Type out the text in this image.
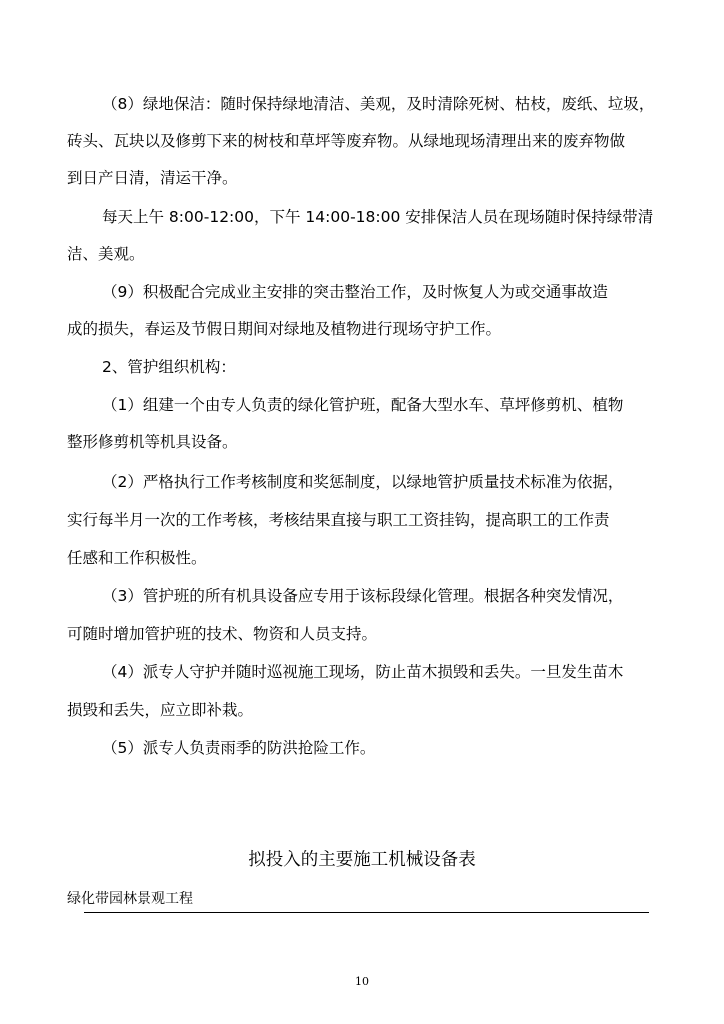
（8）绿地保洁：随时保持绿地清洁、美观，及时清除死树、枯枝，废纸、垃圾，
砖头、瓦块以及修剪下来的树枝和草坪等废弃物。从绿地现场清理出来的废弃物做
到日产日清，清运干净。
每天上午 8:00-12:00，下午 14:00-18:00 安排保洁人员在现场随时保持绿带清
洁、美观。
（9）积极配合完成业主安排的突击整治工作，及时恢复人为或交通事故造
成的损失，春运及节假日期间对绿地及植物进行现场守护工作。
2、管护组织机构：
（1）组建一个由专人负责的绿化管护班，配备大型水车、草坪修剪机、植物
整形修剪机等机具设备。
（2）严格执行工作考核制度和奖惩制度，以绿地管护质量技术标准为依据，
实行每半月一次的工作考核，考核结果直接与职工工资挂钩，提高职工的工作责
任感和工作积极性。
（3）管护班的所有机具设备应专用于该标段绿化管理。根据各种突发情况，
可随时增加管护班的技术、物资和人员支持。
（4）派专人守护并随时巡视施工现场，防止苗木损毁和丢失。一旦发生苗木
损毁和丢失，应立即补栽。
（5）派专人负责雨季的防洪抢险工作。
拟投入的主要施工机械设备表
绿化带园林景观工程
10
